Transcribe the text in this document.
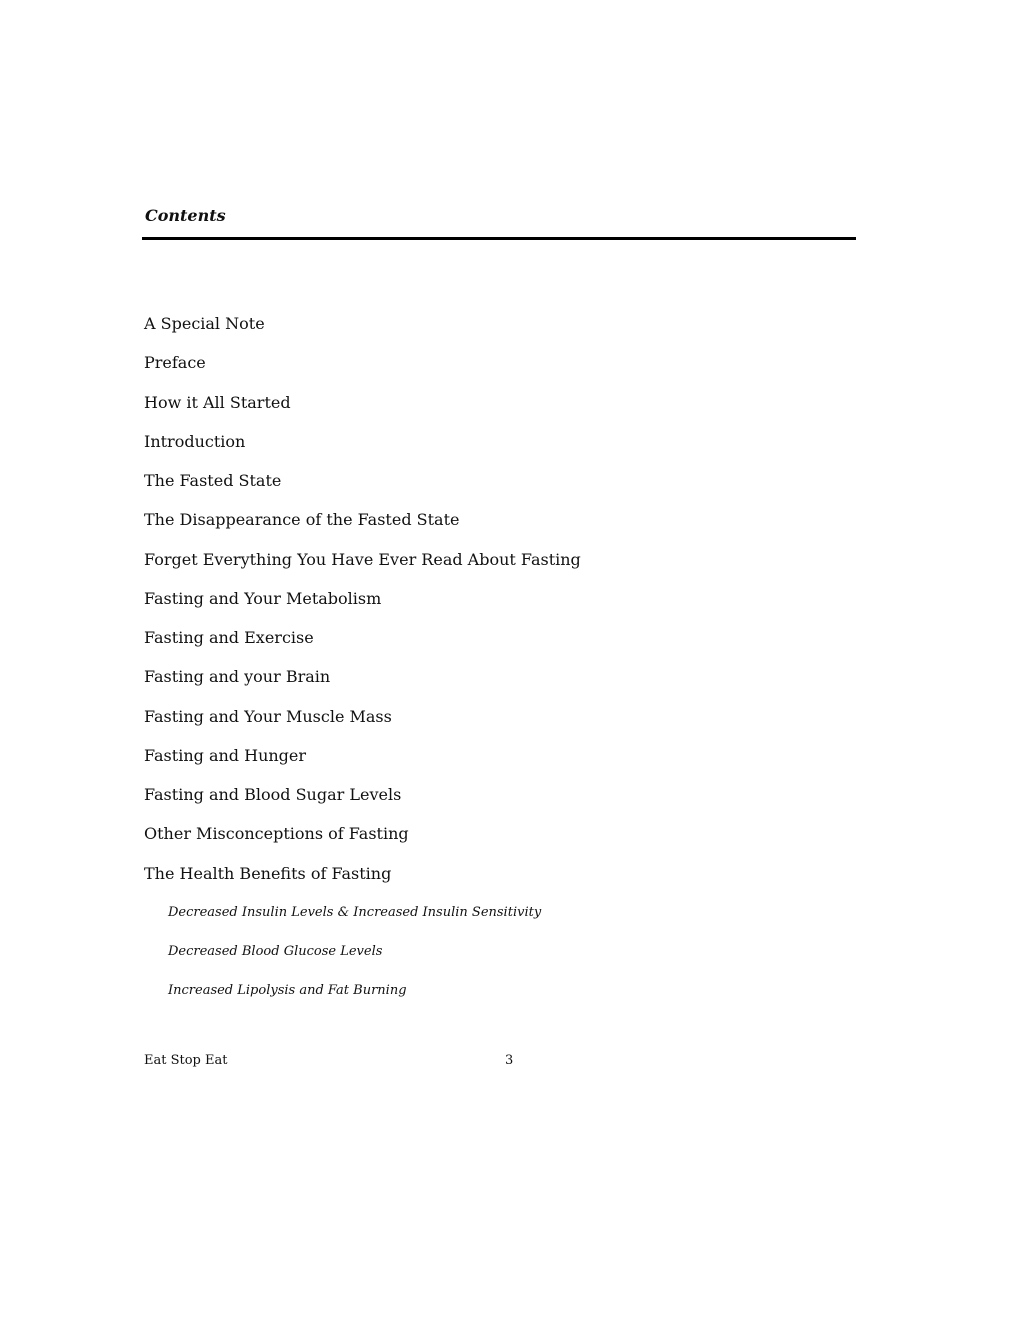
Contents
A Special Note
Preface
How it All Started
Introduction
The Fasted State
The Disappearance of the Fasted State
Forget Everything You Have Ever Read About Fasting
Fasting and Your Metabolism
Fasting and Exercise
Fasting and your Brain
Fasting and Your Muscle Mass
Fasting and Hunger
Fasting and Blood Sugar Levels
Other Misconceptions of Fasting
The Health Benefits of Fasting
Decreased Insulin Levels & Increased Insulin Sensitivity
Decreased Blood Glucose Levels
Increased Lipolysis and Fat Burning
Eat Stop Eat	3
